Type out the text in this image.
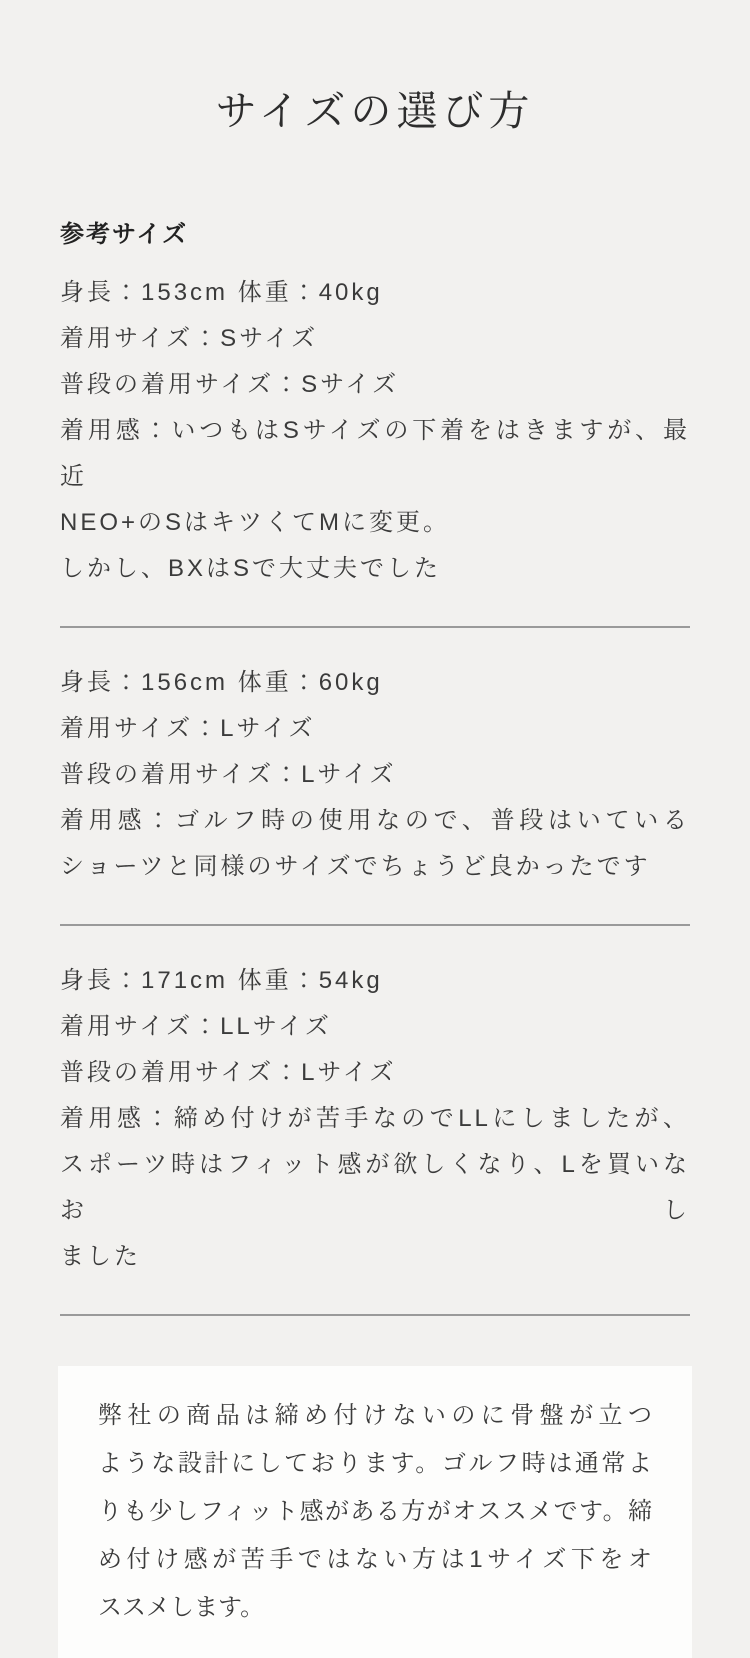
サイズの選び方
参考サイズ

身長：153cm 体重：40kg

着用サイズ：Sサイズ

普段の着用サイズ：Sサイズ

着用感：いつもはSサイズの下着をはきますが、最近

NEO+のSはキツくてMに変更。

しかし、BXはSで大丈夫でした

身長：156cm 体重：60kg

着用サイズ：Lサイズ

普段の着用サイズ：Lサイズ

着用感：ゴルフ時の使用なので、普段はいている

ショーツと同様のサイズでちょうど良かったです

身長：171cm 体重：54kg

着用サイズ：LLサイズ

普段の着用サイズ：Lサイズ

着用感：締め付けが苦手なのでLLにしましたが、

スポーツ時はフィット感が欲しくなり、Lを買いなおし

ました

弊社の商品は締め付けないのに骨盤が立つ

ような設計にしております。ゴルフ時は通常よ

りも少しフィット感がある方がオススメです。締

め付け感が苦手ではない方は1サイズ下をオ

ススメします。
